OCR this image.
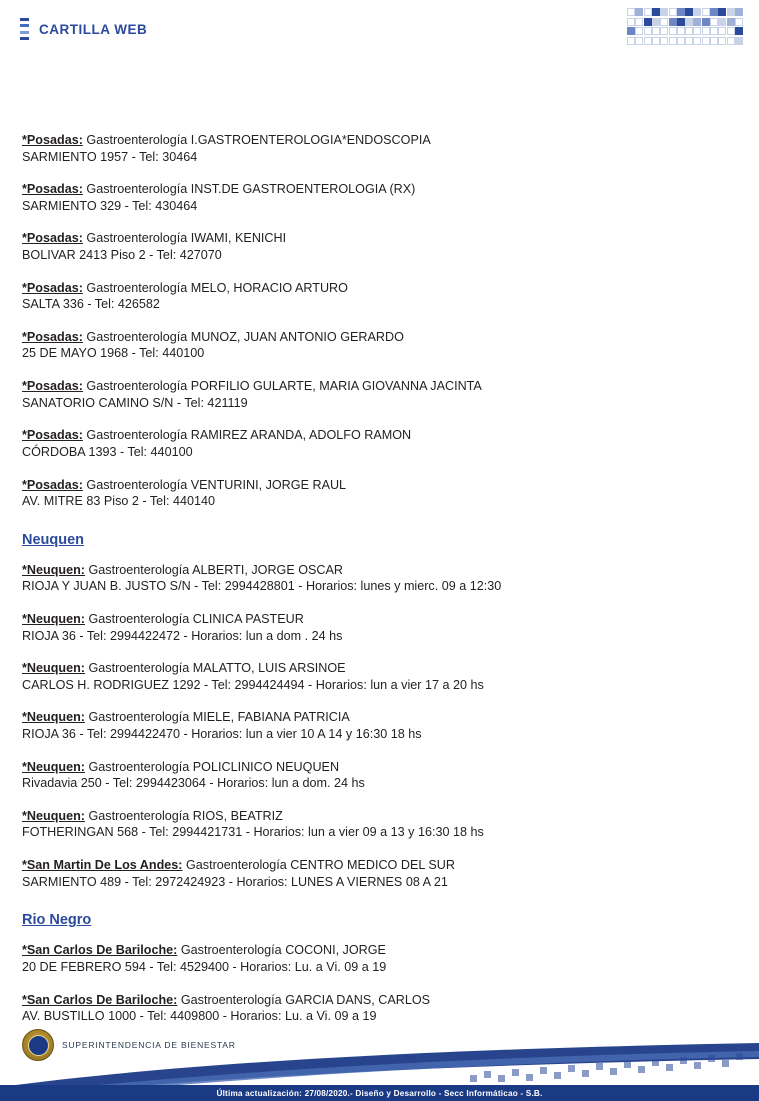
CARTILLA WEB
*Posadas: Gastroenterología I.GASTROENTEROLOGIA*ENDOSCOPIA
SARMIENTO 1957 - Tel: 30464
*Posadas: Gastroenterología INST.DE GASTROENTEROLOGIA (RX)
SARMIENTO 329 - Tel: 430464
*Posadas: Gastroenterología IWAMI, KENICHI
BOLIVAR 2413 Piso 2 - Tel: 427070
*Posadas: Gastroenterología MELO, HORACIO ARTURO
SALTA 336 - Tel: 426582
*Posadas: Gastroenterología MUNOZ, JUAN ANTONIO GERARDO
25 DE MAYO 1968 - Tel: 440100
*Posadas: Gastroenterología PORFILIO GULARTE, MARIA GIOVANNA JACINTA
SANATORIO CAMINO S/N - Tel: 421119
*Posadas: Gastroenterología RAMIREZ ARANDA, ADOLFO RAMON
CÓRDOBA 1393 - Tel: 440100
*Posadas: Gastroenterología VENTURINI, JORGE RAUL
AV. MITRE 83 Piso 2 - Tel: 440140
Neuquen
*Neuquen: Gastroenterología ALBERTI, JORGE OSCAR
RIOJA Y JUAN B. JUSTO S/N - Tel: 2994428801 - Horarios: lunes y mierc. 09 a 12:30
*Neuquen: Gastroenterología CLINICA PASTEUR
RIOJA 36 - Tel: 2994422472 - Horarios: lun a dom . 24 hs
*Neuquen: Gastroenterología MALATTO, LUIS ARSINOE
CARLOS H. RODRIGUEZ 1292 - Tel: 2994424494 - Horarios: lun a vier 17 a 20 hs
*Neuquen: Gastroenterología MIELE, FABIANA PATRICIA
RIOJA 36 - Tel: 2994422470 - Horarios: lun a vier 10 A 14 y 16:30 18 hs
*Neuquen: Gastroenterología POLICLINICO NEUQUEN
Rivadavia 250 - Tel: 2994423064 - Horarios: lun a dom. 24 hs
*Neuquen: Gastroenterología RIOS, BEATRIZ
FOTHERINGAN 568 - Tel: 2994421731 - Horarios: lun a vier 09 a 13 y 16:30 18 hs
*San Martin De Los Andes: Gastroenterología CENTRO MEDICO DEL SUR
SARMIENTO 489 - Tel: 2972424923 - Horarios: LUNES A VIERNES 08 A 21
Rio Negro
*San Carlos De Bariloche: Gastroenterología COCONI, JORGE
20 DE FEBRERO 594 - Tel: 4529400 - Horarios: Lu. a Vi. 09 a 19
*San Carlos De Bariloche: Gastroenterología GARCIA DANS, CARLOS
AV. BUSTILLO 1000 - Tel: 4409800 - Horarios: Lu. a Vi. 09 a 19
SUPERINTENDENCIA DE BIENESTAR
Última actualización: 27/08/2020.- Diseño y Desarrollo - Secc Informáticao - S.B.
